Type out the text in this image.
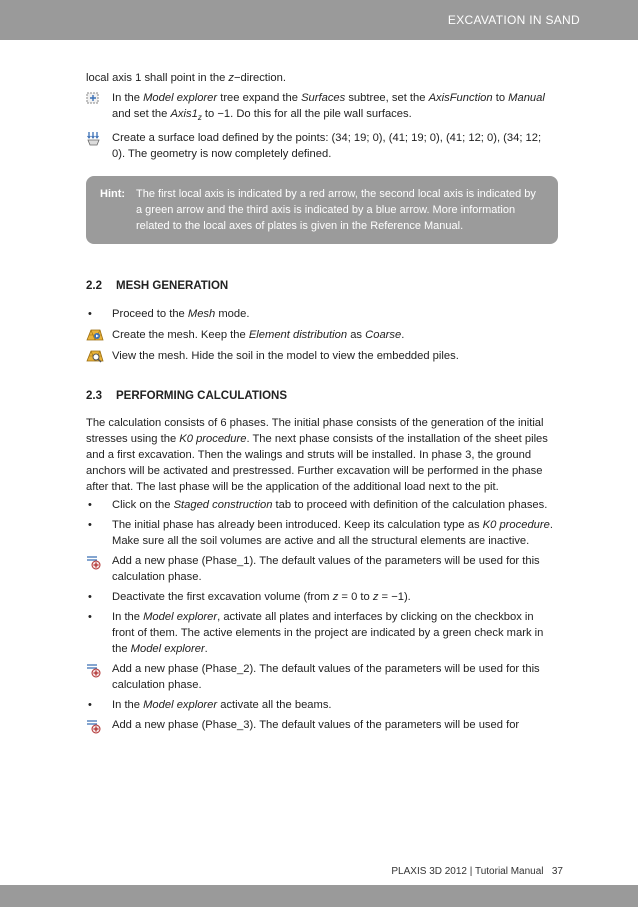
EXCAVATION IN SAND

local axis 1 shall point in the z−direction.

In the Model explorer tree expand the Surfaces subtree, set the AxisFunction to Manual and set the $Axis1_z$ to −1. Do this for all the pile wall surfaces.

Create a surface load defined by the points: (34; 19; 0), (41; 19; 0), (41; 12; 0), (34; 12; 0). The geometry is now completely defined.

Hint: The first local axis is indicated by a red arrow, the second local axis is indicated by a green arrow and the third axis is indicated by a blue arrow. More information related to the local axes of plates is given in the Reference Manual.

2.2 MESH GENERATION

• Proceed to the Mesh mode.

Create the mesh. Keep the Element distribution as Coarse.

View the mesh. Hide the soil in the model to view the embedded piles.

2.3 PERFORMING CALCULATIONS

The calculation consists of 6 phases. The initial phase consists of the generation of the initial stresses using the K0 procedure. The next phase consists of the installation of the sheet piles and a first excavation. Then the walings and struts will be installed. In phase 3, the ground anchors will be activated and prestressed. Further excavation will be performed in the phase after that. The last phase will be the application of the additional load next to the pit.

• Click on the Staged construction tab to proceed with definition of the calculation phases.

• The initial phase has already been introduced. Keep its calculation type as K0 procedure. Make sure all the soil volumes are active and all the structural elements are inactive.

Add a new phase (Phase_1). The default values of the parameters will be used for this calculation phase.

• Deactivate the first excavation volume (from z = 0 to z = −1).

• In the Model explorer, activate all plates and interfaces by clicking on the checkbox in front of them. The active elements in the project are indicated by a green check mark in the Model explorer.

Add a new phase (Phase_2). The default values of the parameters will be used for this calculation phase.

• In the Model explorer activate all the beams.

Add a new phase (Phase_3). The default values of the parameters will be used for

PLAXIS 3D 2012 | Tutorial Manual 37
